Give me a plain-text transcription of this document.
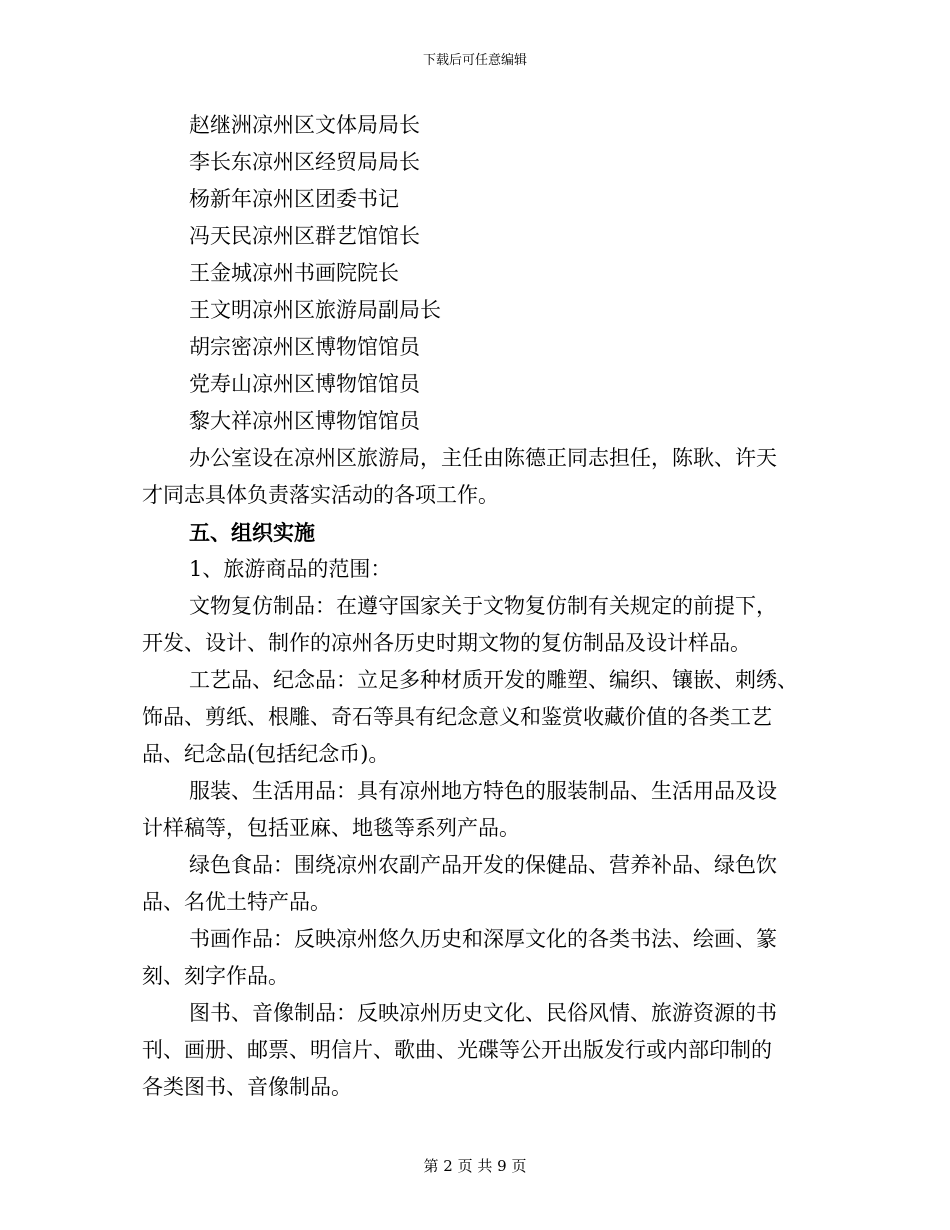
下载后可任意编辑
赵继洲凉州区文体局局长
李长东凉州区经贸局局长
杨新年凉州区团委书记
冯天民凉州区群艺馆馆长
王金城凉州书画院院长
王文明凉州区旅游局副局长
胡宗密凉州区博物馆馆员
党寿山凉州区博物馆馆员
黎大祥凉州区博物馆馆员
办公室设在凉州区旅游局，主任由陈德正同志担任，陈耿、许天
才同志具体负责落实活动的各项工作。
五、组织实施
1、旅游商品的范围：
文物复仿制品：在遵守国家关于文物复仿制有关规定的前提下，
开发、设计、制作的凉州各历史时期文物的复仿制品及设计样品。
工艺品、纪念品：立足多种材质开发的雕塑、编织、镶嵌、刺绣、
饰品、剪纸、根雕、奇石等具有纪念意义和鉴赏收藏价值的各类工艺
品、纪念品(包括纪念币)。
服装、生活用品：具有凉州地方特色的服装制品、生活用品及设
计样稿等，包括亚麻、地毯等系列产品。
绿色食品：围绕凉州农副产品开发的保健品、营养补品、绿色饮
品、名优土特产品。
书画作品：反映凉州悠久历史和深厚文化的各类书法、绘画、篆
刻、刻字作品。
图书、音像制品：反映凉州历史文化、民俗风情、旅游资源的书
刊、画册、邮票、明信片、歌曲、光碟等公开出版发行或内部印制的
各类图书、音像制品。
第 2 页 共 9 页
